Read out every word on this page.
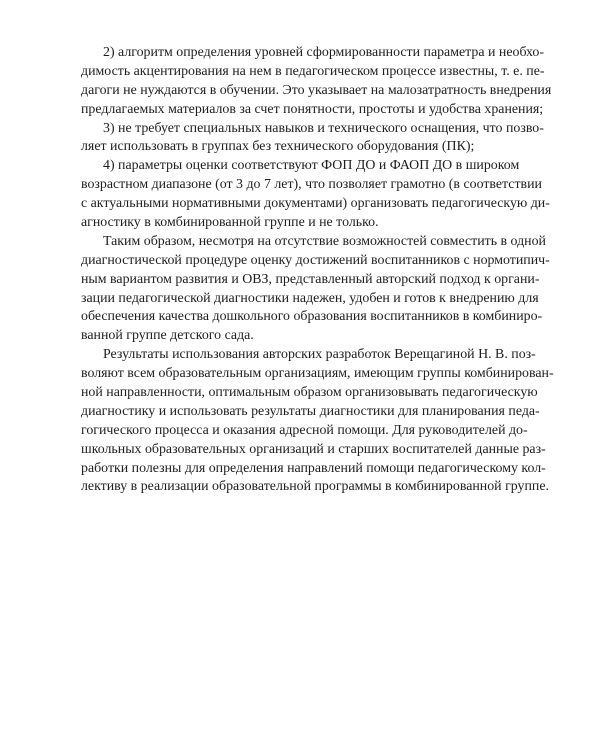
2) алгоритм определения уровней сформированности параметра и необхо-
димость акцентирования на нем в педагогическом процессе известны, т. е. пе-
дагоги не нуждаются в обучении. Это указывает на малозатратность внедрения
предлагаемых материалов за счет понятности, простоты и удобства хранения;
3) не требует специальных навыков и технического оснащения, что позво-
ляет использовать в группах без технического оборудования (ПК);
4) параметры оценки соответствуют ФОП ДО и ФАОП ДО в широком
возрастном диапазоне (от 3 до 7 лет), что позволяет грамотно (в соответствии
с актуальными нормативными документами) организовать педагогическую ди-
агностику в комбинированной группе и не только.
Таким образом, несмотря на отсутствие возможностей совместить в одной
диагностической процедуре оценку достижений воспитанников с нормотипич-
ным вариантом развития и ОВЗ, представленный авторский подход к органи-
зации педагогической диагностики надежен, удобен и готов к внедрению для
обеспечения качества дошкольного образования воспитанников в комбиниро-
ванной группе детского сада.
Результаты использования авторских разработок Верещагиной Н. В. поз-
воляют всем образовательным организациям, имеющим группы комбинирован-
ной направленности, оптимальным образом организовывать педагогическую
диагностику и использовать результаты диагностики для планирования педа-
гогического процесса и оказания адресной помощи. Для руководителей до-
школьных образовательных организаций и старших воспитателей данные раз-
работки полезны для определения направлений помощи педагогическому кол-
лективу в реализации образовательной программы в комбинированной группе.
